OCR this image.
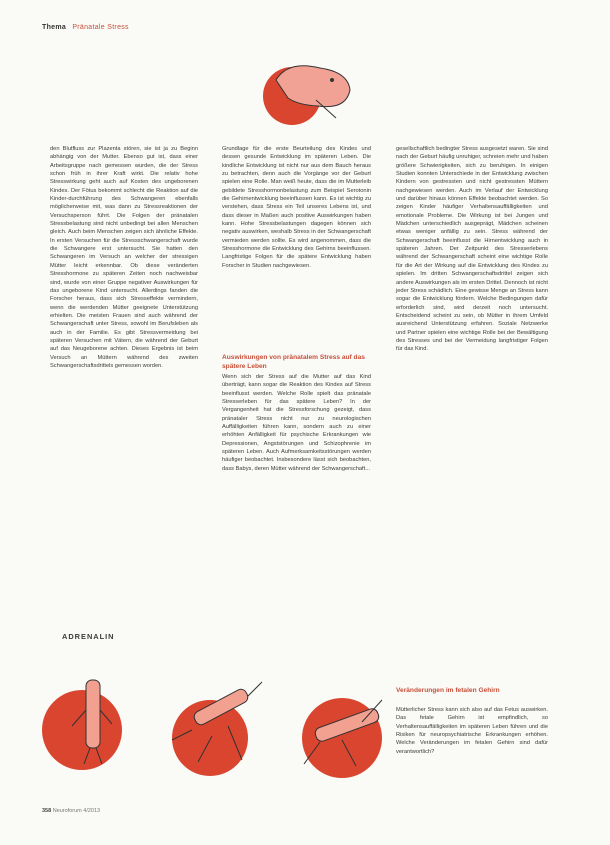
Thema Pränatale Stress

den Blutfluss zur Plazenta stören, sie ist ja zu Beginn abhängig von der Mutter. Ebenso gut ist, dass einer Arbeitsgruppe nach gemessen wurden, die der Stress schon früh in ihrer Kraft wirkt. Die relativ hohe Stresswirkung geht auch auf Kosten des ungeborenen Kindes. Der Fötus bekommt schlecht die Reaktion auf die Kinder-durchführung des Schwangeren ebenfalls möglicherweise mit, was dann zu Stressreaktionen der Versuchsperson führt. Die Folgen der pränatalen Stressbelastung sind nicht unbedingt bei allen Menschen gleich. Auch beim Menschen zeigen sich ähnliche Effekte. In ersten Versuchen für die Stressschwangerschaft wurde die Schwangere erst untersucht. Sie hatten den Schwangeren im Versuch an welcher der stressigen Mütter leicht erkennbar. Ob diese veränderten Stresshormone zu späteren Zeiten noch nachweisbar sind, wurde von einer Gruppe negativer Auswirkungen für das ungeborene Kind untersucht. Allerdings fanden die Forscher heraus, dass sich Stresseffekte vermindern, wenn die werdenden Mütter geeignete Unterstützung erhielten. Die meisten Frauen sind auch während der Schwangerschaft unter Stress, sowohl im Berufsleben als auch in der Familie. Es gibt Stressvermeidung bei späteren Versuchen mit Vätern, die während der Geburt auf das Neugeborene achten. Dieses Ergebnis ist beim Versuch an Müttern während des zweiten Schwangerschaftsdrittels gemessen worden.

Grundlage für die erste Beurteilung des Kindes und dessen gesunde Entwicklung im späteren Leben. Die kindliche Entwicklung ist nicht nur aus dem Bauch heraus zu betrachten, denn auch die Vorgänge vor der Geburt spielen eine Rolle. Man weiß heute, dass die im Mutterleib gebildete Stresshormonbelastung zum Beispiel Serotonin die Gehirnentwicklung beeinflussen kann. Es ist wichtig zu verstehen, dass Stress ein Teil unseres Lebens ist, und dass dieser in Maßen auch positive Auswirkungen haben kann. Hohe Stressbelastungen dagegen können sich negativ auswirken, weshalb Stress in der Schwangerschaft vermieden werden sollte. Es wird angenommen, dass die Stresshormone die Entwicklung des Gehirns beeinflussen. Langfristige Folgen für die spätere Entwicklung haben Forscher in Studien nachgewiesen.

Auswirkungen von pränatalem Stress auf das spätere Leben

Wenn sich der Stress auf die Mutter auf das Kind überträgt, kann sogar die Reaktion des Kindes auf Stress beeinflusst werden. Welche Rolle spielt das pränatale Stresserleben für das spätere Leben? In der Vergangenheit hat die Stressforschung gezeigt, dass pränataler Stress nicht nur zu neurologischen Auffälligkeiten führen kann, sondern auch zu einer erhöhten Anfälligkeit für psychische Erkrankungen wie Depressionen, Angststörungen und Schizophrenie im späteren Leben. Auch Aufmerksamkeitsstörungen werden häufiger beobachtet. Insbesondere lässt sich beobachten, dass Babys, deren Mütter während der Schwangerschaft...

gesellschaftlich bedingter Stress ausgesetzt waren. Sie sind nach der Geburt häufig unruhiger, schreien mehr und haben größere Schwierigkeiten, sich zu beruhigen. In einigen Studien konnten Unterschiede in der Entwicklung zwischen Kindern von gestressten und nicht gestressten Müttern nachgewiesen werden. Auch im Verlauf der Entwicklung und darüber hinaus können Effekte beobachtet werden. So zeigen Kinder häufiger Verhaltensauffälligkeiten und emotionale Probleme. Die Wirkung ist bei Jungen und Mädchen unterschiedlich ausgeprägt, Mädchen scheinen etwas weniger anfällig zu sein. Stress während der Schwangerschaft beeinflusst die Hirnentwicklung auch in späteren Jahren. Der Zeitpunkt des Stresserlebens während der Schwangerschaft scheint eine wichtige Rolle für die Art der Wirkung auf die Entwicklung des Kindes zu spielen. Im dritten Schwangerschaftsdrittel zeigen sich andere Auswirkungen als im ersten Drittel. Dennoch ist nicht jeder Stress schädlich. Eine gewisse Menge an Stress kann sogar die Entwicklung fördern. Welche Bedingungen dafür erforderlich sind, wird derzeit noch untersucht. Entscheidend scheint zu sein, ob Mütter in ihrem Umfeld ausreichend Unterstützung erfahren. Soziale Netzwerke und Partner spielen eine wichtige Rolle bei der Bewältigung des Stresses und bei der Vermeidung langfristiger Folgen für das Kind.

Veränderungen im fetalen Gehirn

Mütterlicher Stress kann sich also auf das Fetus auswirken. Das fetale Gehirn ist empfindlich, so Verhaltensauffälligkeiten im späteren Leben führen und die Risiken für neuropsychiatrische Erkrankungen erhöhen. Welche Veränderungen im fetalen Gehirn sind dafür verantwortlich?

ADRENALIN
358 Neuroforum 4/2013
